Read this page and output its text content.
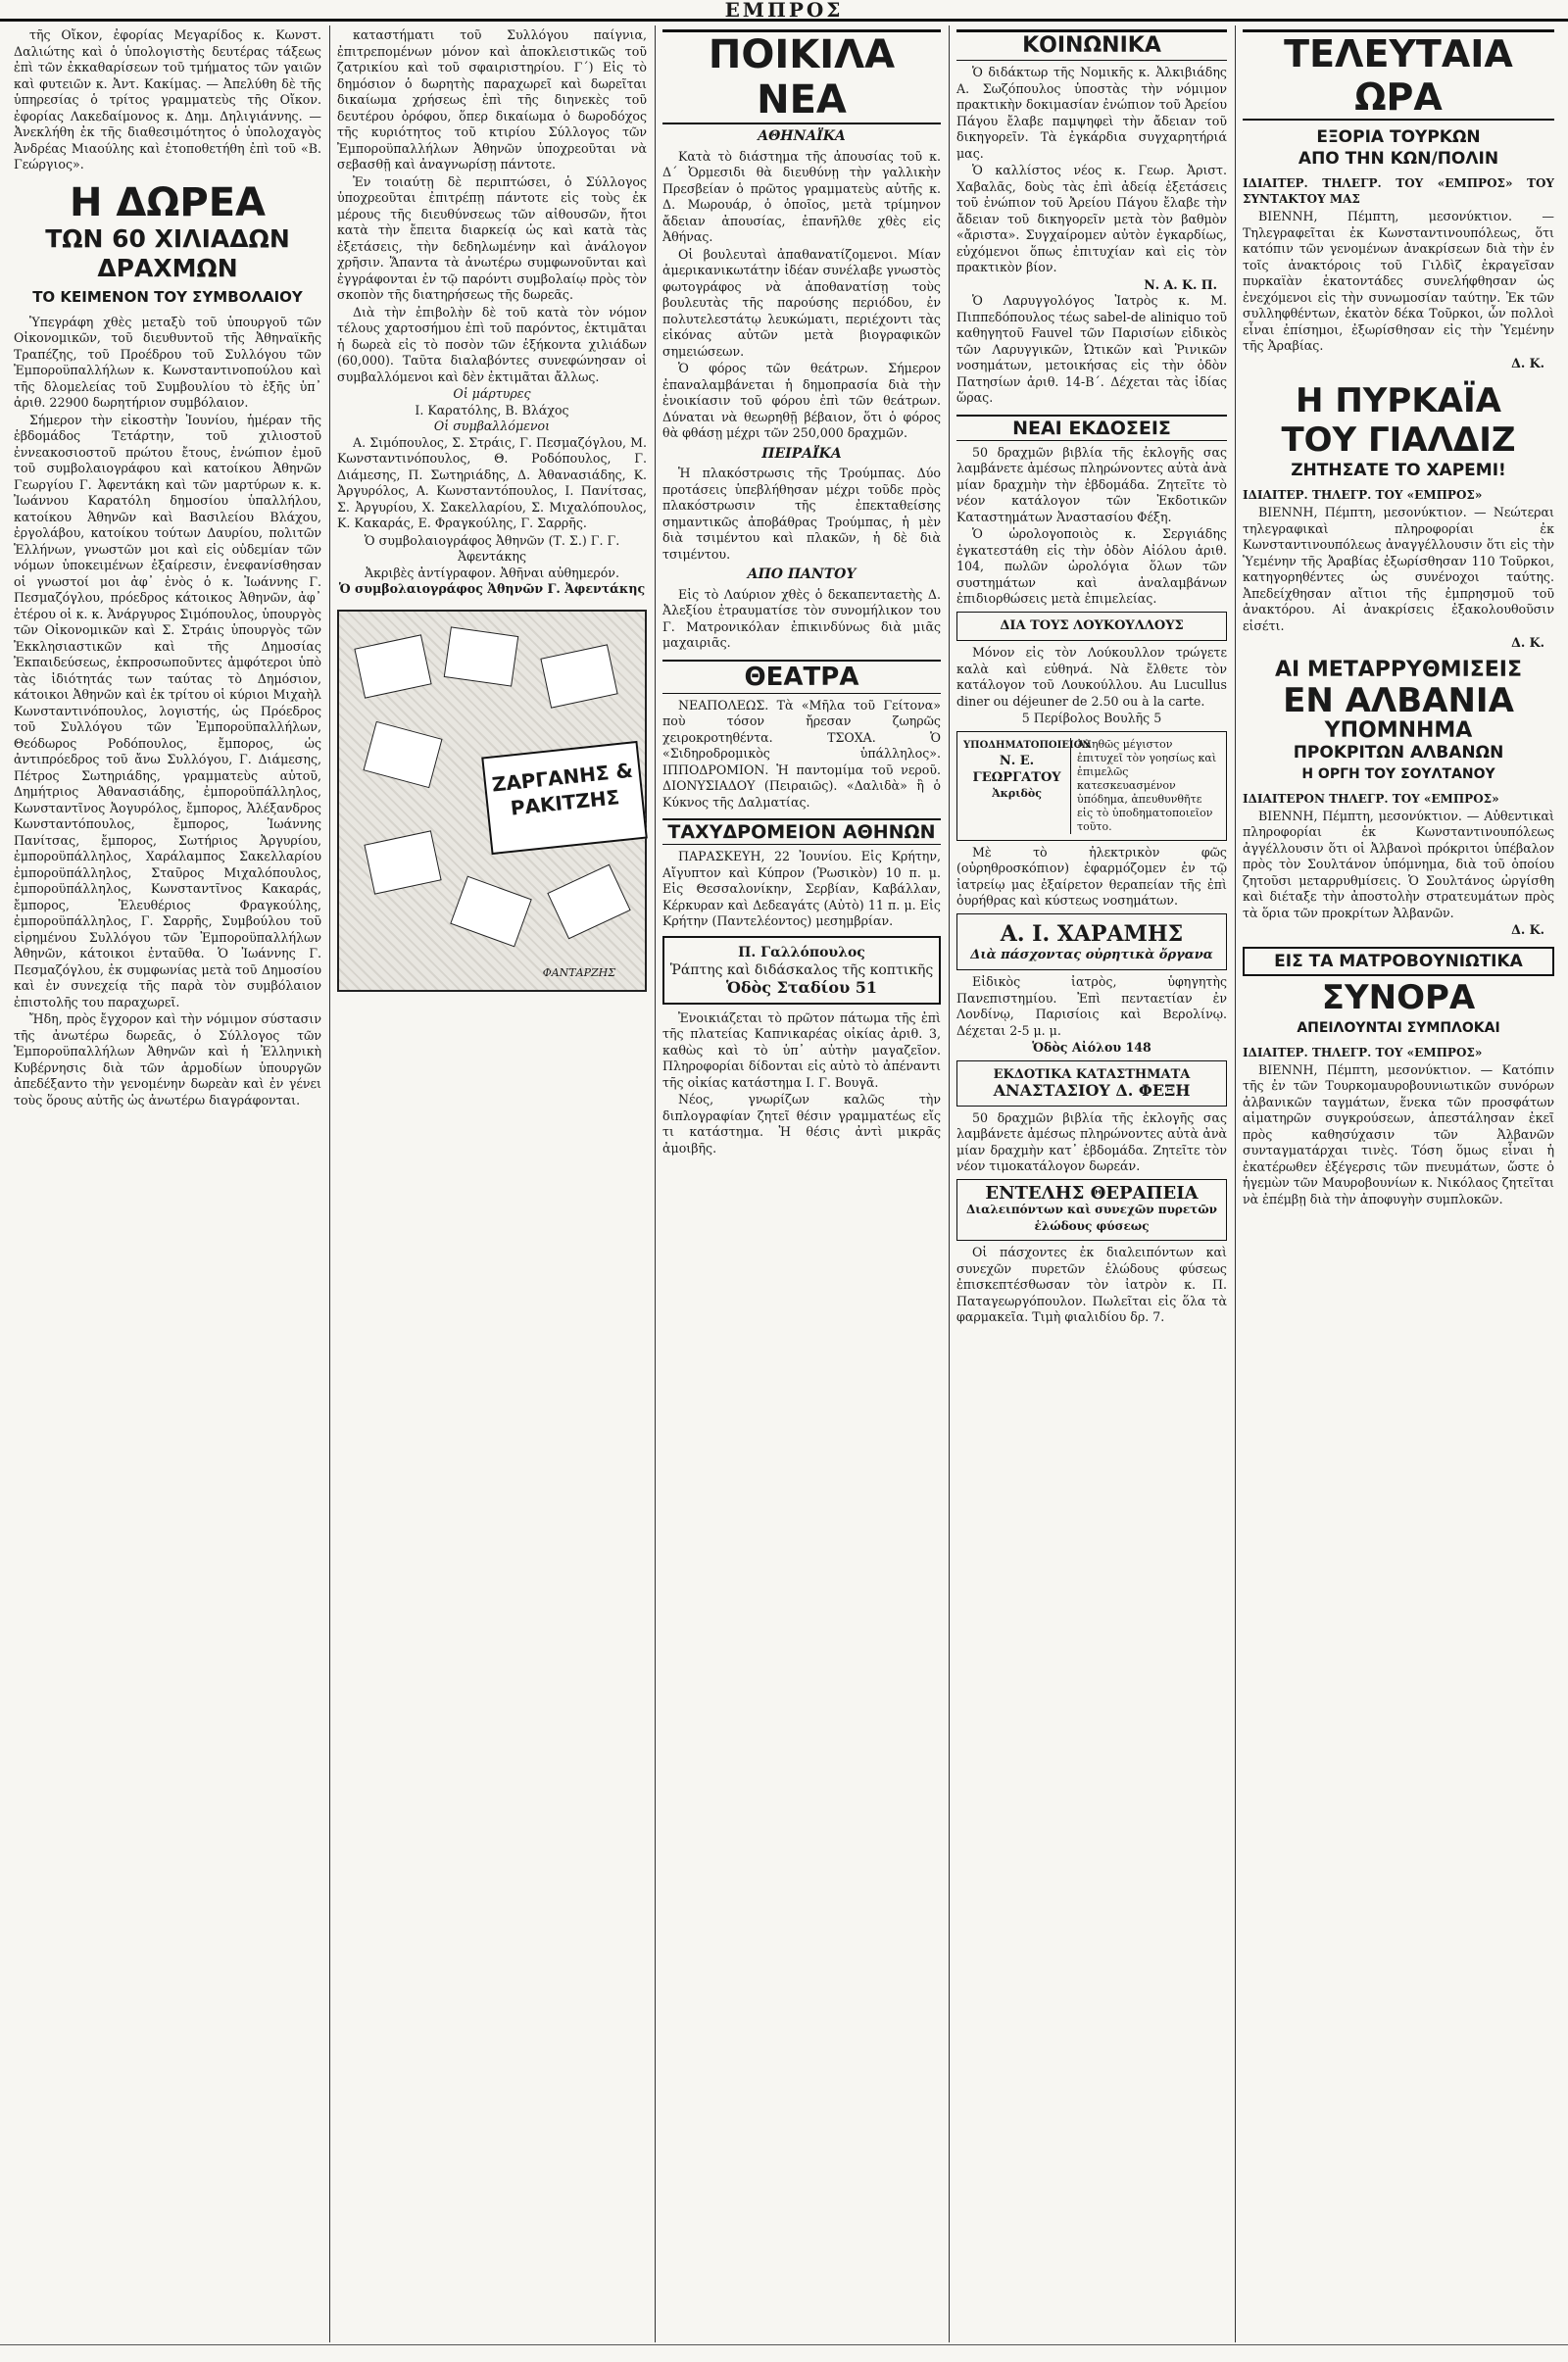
ΕΜΠΡΟΣ

τῆς Οἴκον, ἐφορίας Μεγαρίδος κ. Κωνστ. Δαλιώτης καὶ ὁ ὑπολογιστὴς δευτέρας τάξεως ἐπὶ τῶν ἐκκαθαρίσεων τοῦ τμήματος τῶν γαιῶν καὶ φυτειῶν κ. Ἀντ. Κακίμας. — Ἀπελύθη δὲ τῆς ὑπηρεσίας ὁ τρίτος γραμματεὺς τῆς Οἴκον. ἐφορίας Λακεδαίμονος κ. Δημ. Δηλιγιάννης. — Ἀνεκλήθη ἐκ τῆς διαθεσιμότητος ὁ ὑπολοχαγὸς Ἀνδρέας Μιαούλης καὶ ἐτοποθετήθη ἐπὶ τοῦ «Β. Γεώργιος».

Η ΔΩΡΕΑ
ΤΩΝ 60 ΧΙΛΙΑΔΩΝ ΔΡΑΧΜΩΝ
ΤΟ ΚΕΙΜΕΝΟΝ ΤΟΥ ΣΥΜΒΟΛΑΙΟΥ

Ὑπεγράφη χθὲς μεταξὺ τοῦ ὑπουργοῦ τῶν Οἰκονομικῶν, τοῦ διευθυντοῦ τῆς Ἀθηναϊκῆς Τραπέζης, τοῦ Προέδρου τοῦ Συλλόγου τῶν Ἐμποροϋπαλλήλων κ. Κωνσταντινοπούλου καὶ τῆς δλομελείας τοῦ Συμβουλίου τὸ ἐξῆς ὑπ᾽ ἀριθ. 22900 δωρητήριον συμβόλαιον.

Σήμερον τὴν εἰκοστὴν Ἰουνίου, ἡμέραν τῆς ἑβδομάδος Τετάρτην, τοῦ χιλιοστοῦ ἐννεακοσιοστοῦ πρώτου ἔτους, ἐνώπιον ἐμοῦ τοῦ συμβολαιογράφου καὶ κατοίκου Ἀθηνῶν Γεωργίου Γ. Ἀφεντάκη καὶ τῶν μαρτύρων κ. κ. Ἰωάννου Καρατόλη δημοσίου ὑπαλλήλου, κατοίκου Ἀθηνῶν καὶ Βασιλείου Βλάχου, ἐργολάβου, κατοίκου τούτων Δαυρίου, πολιτῶν Ἑλλήνων, γνωστῶν μοι καὶ εἰς οὐδεμίαν τῶν νόμων ὑποκειμένων ἐξαίρεσιν, ἐνεφανίσθησαν οἱ γνωστοί μοι ἀφ᾽ ἑνὸς ὁ κ. Ἰωάννης Γ. Πεσμαζόγλου, πρόεδρος κάτοικος Ἀθηνῶν, ἀφ᾽ ἑτέρου οἱ κ. κ. Ἀνάργυρος Σιμόπουλος, ὑπουργὸς τῶν Οἰκονομικῶν καὶ Σ. Στράις ὑπουργὸς τῶν Ἐκκλησιαστικῶν καὶ τῆς Δημοσίας Ἐκπαιδεύσεως, ἐκπροσωποῦντες ἀμφότεροι ὑπὸ τὰς ἰδιότητάς των ταύτας τὸ Δημόσιον, κάτοικοι Ἀθηνῶν καὶ ἐκ τρίτου οἱ κύριοι Μιχαὴλ Κωνσταντινόπουλος, λογιστής, ὡς Πρόεδρος τοῦ Συλλόγου τῶν Ἐμποροϋπαλλήλων, Θεόδωρος Ροδόπουλος, ἔμπορος, ὡς ἀντιπρόεδρος τοῦ ἄνω Συλλόγου, Γ. Διάμεσης, Πέτρος Σωτηριάδης, γραμματεὺς αὐτοῦ, Δημήτριος Ἀθανασιάδης, ἐμποροϋπάλληλος, Κωνσταντῖνος Ἀογυρόλος, ἔμπορος, Ἀλέξανδρος Κωνσταντόπουλος, ἔμπορος, Ἰωάννης Πανίτσας, ἔμπορος, Σωτήριος Ἀργυρίου, ἐμποροϋπάλληλος, Χαράλαμπος Σακελλαρίου ἐμποροϋπάλληλος, Σταῦρος Μιχαλόπουλος, ἐμποροϋπάλληλος, Κωνσταντῖνος Κακαράς, ἔμπορος, Ἐλευθέριος Φραγκούλης, ἐμποροϋπάλληλος, Γ. Σαρρῆς, Συμβούλου τοῦ εἰρημένου Συλλόγου τῶν Ἐμποροϋπαλλήλων Ἀθηνῶν, κάτοικοι ἐνταῦθα. Ὁ Ἰωάννης Γ. Πεσμαζόγλου, ἐκ συμφωνίας μετὰ τοῦ Δημοσίου καὶ ἐν συνεχείᾳ τῆς παρὰ τὸν συμβόλαιον ἐπιστολῆς του παραχωρεῖ.

Ἤδη, πρὸς ἔγχορον καὶ τὴν νόμιμον σύστασιν τῆς ἀνωτέρω δωρεᾶς, ὁ Σύλλογος τῶν Ἐμποροϋπαλλήλων Ἀθηνῶν καὶ ἡ Ἑλληνικὴ Κυβέρνησις διὰ τῶν ἀρμοδίων ὑπουργῶν ἀπεδέξαντο τὴν γενομένην δωρεὰν καὶ ἐν γένει τοὺς ὅρους αὐτῆς ὡς ἀνωτέρω διαγράφονται.

καταστήματι τοῦ Συλλόγου παίγνια, ἐπιτρεπομένων μόνον καὶ ἀποκλειστικῶς τοῦ ζατρικίου καὶ τοῦ σφαιριστηρίου. Γ΄) Εἰς τὸ δημόσιον ὁ δωρητὴς παραχωρεῖ καὶ δωρεῖται δικαίωμα χρήσεως ἐπὶ τῆς διηνεκὲς τοῦ δευτέρου ὀρόφου, ὅπερ δικαίωμα ὁ δωροδόχος τῆς κυριότητος τοῦ κτιρίου Σύλλογος τῶν Ἐμποροϋπαλλήλων Ἀθηνῶν ὑποχρεοῦται νὰ σεβασθῇ καὶ ἀναγνωρίσῃ πάντοτε.

Ἐν τοιαύτῃ δὲ περιπτώσει, ὁ Σύλλογος ὑποχρεοῦται ἐπιτρέπῃ πάντοτε εἰς τοὺς ἐκ μέρους τῆς διευθύνσεως τῶν αἰθουσῶν, ἤτοι κατὰ τὴν ἔπειτα διαρκείᾳ ὡς καὶ κατὰ τὰς ἐξετάσεις, τὴν δεδηλωμένην καὶ ἀνάλογον χρῆσιν. Ἅπαντα τὰ ἀνωτέρω συμφωνοῦνται καὶ ἐγγράφονται ἐν τῷ παρόντι συμβολαίῳ πρὸς τὸν σκοπὸν τῆς διατηρήσεως τῆς δωρεᾶς.

Διὰ τὴν ἐπιβολὴν δὲ τοῦ κατὰ τὸν νόμον τέλους χαρτοσήμου ἐπὶ τοῦ παρόντος, ἐκτιμᾶται ἡ δωρεὰ εἰς τὸ ποσὸν τῶν ἑξήκοντα χιλιάδων (60,000). Ταῦτα διαλαβόντες συνεφώνησαν οἱ συμβαλλόμενοι καὶ δὲν ἐκτιμᾶται ἄλλως.

Οἱ μάρτυρες
Ι. Καρατόλης, Β. Βλάχος
Οἱ συμβαλλόμενοι

Α. Σιμόπουλος, Σ. Στράις, Γ. Πεσμαζόγλου, Μ. Κωνσταντινόπουλος, Θ. Ροδόπουλος, Γ. Διάμεσης, Π. Σωτηριάδης, Δ. Ἀθανασιάδης, Κ. Ἀργυρόλος, Α. Κωνσταντόπουλος, Ι. Πανίτσας, Σ. Ἀργυρίου, Χ. Σακελλαρίου, Σ. Μιχαλόπουλος, Κ. Κακαράς, Ε. Φραγκούλης, Γ. Σαρρῆς.

Ὁ συμβολαιογράφος Ἀθηνῶν (Τ. Σ.) Γ. Γ. Ἀφεντάκης
Ἀκριβὲς ἀντίγραφον. Ἀθῆναι αὐθημερόν.
Ὁ συμβολαιογράφος Ἀθηνῶν Γ. Ἀφεντάκης
ΖΑΡΓΑΝΗΣ & ΡΑΚΙΤΖΗΣ
ΦΑΝΤΑΡΖΗΣ
ΠΟΙΚΙΛΑ ΝΕΑ
ΑΘΗΝΑΪΚΑ

Κατὰ τὸ διάστημα τῆς ἀπουσίας τοῦ κ. Δ΄ Ὀρμεσιδι θὰ διευθύνῃ τὴν γαλλικὴν Πρεσβείαν ὁ πρῶτος γραμματεὺς αὐτῆς κ. Δ. Μωρουάρ, ὁ ὁποῖος, μετὰ τρίμηνον ἄδειαν ἀπουσίας, ἐπανῆλθε χθὲς εἰς Ἀθήνας.

Οἱ βουλευταὶ ἀπαθανατίζομενοι. Μίαν ἀμερικανικωτάτην ἰδέαν συνέλαβε γνωστὸς φωτογράφος νὰ ἀποθανατίσῃ τοὺς βουλευτὰς τῆς παρούσης περιόδου, ἐν πολυτελεστάτῳ λευκώματι, περιέχοντι τὰς εἰκόνας αὐτῶν μετὰ βιογραφικῶν σημειώσεων.

Ὁ φόρος τῶν θεάτρων. Σήμερον ἐπαναλαμβάνεται ἡ δημοπρασία διὰ τὴν ἐνοικίασιν τοῦ φόρου ἐπὶ τῶν θεάτρων. Δύναται νὰ θεωρηθῇ βέβαιον, ὅτι ὁ φόρος θὰ φθάσῃ μέχρι τῶν 250,000 δραχμῶν.

ΠΕΙΡΑΪΚΑ

Ἡ πλακόστρωσις τῆς Τρούμπας. Δύο προτάσεις ὑπεβλήθησαν μέχρι τοῦδε πρὸς πλακόστρωσιν τῆς ἐπεκταθείσης σημαντικῶς ἀποβάθρας Τρούμπας, ἡ μὲν διὰ τσιμέντου καὶ πλακῶν, ἡ δὲ διὰ τσιμέντου.

ΑΠΟ ΠΑΝΤΟΥ

Εἰς τὸ Λαύριον χθὲς ὁ δεκαπενταετὴς Δ. Ἀλεξίου ἐτραυματίσε τὸν συνομήλικον του Γ. Ματρονικόλαν ἐπικινδύνως διὰ μιᾶς μαχαιριᾶς.

ΘΕΑΤΡΑ

ΝΕΑΠΟΛΕΩΣ. Τὰ «Μῆλα τοῦ Γείτονα» ποὺ τόσον ἤρεσαν ζωηρῶς χειροκροτηθέντα. ΤΣΟΧΑ. Ὁ «Σιδηροδρομικὸς ὑπάλληλος». ΙΠΠΟΔΡΟΜΙΟΝ. Ἡ παντομίμα τοῦ νεροῦ. ΔΙΟΝΥΣΙΑΔΟΥ (Πειραιῶς). «Δαλιδὰ» ἢ ὁ Κύκνος τῆς Δαλματίας.

ΤΑΧΥΔΡΟΜΕΙΟΝ ΑΘΗΝΩΝ

ΠΑΡΑΣΚΕΥΗ, 22 Ἰουνίου. Εἰς Κρήτην, Αἴγυπτον καὶ Κύπρον (Ῥωσικὸν) 10 π. μ. Εἰς Θεσσαλονίκην, Σερβίαν, Καβάλλαν, Κέρκυραν καὶ Δεδεαγάτς (Αὐτὸ) 11 π. μ. Εἰς Κρήτην (Παντελέοντος) μεσημβρίαν.

Π. Γαλλόπουλος
Ῥάπτης καὶ διδάσκαλος τῆς κοπτικῆς
Ὁδὸς Σταδίου 51

Ἐνοικιάζεται τὸ πρῶτον πάτωμα τῆς ἐπὶ τῆς πλατείας Καπνικαρέας οἰκίας ἀριθ. 3, καθὼς καὶ τὸ ὑπ᾽ αὐτὴν μαγαζεῖον. Πληροφορίαι δίδονται εἰς αὐτὸ τὸ ἀπέναντι τῆς οἰκίας κατάστημα Ι. Γ. Βουγᾶ.

Νέος, γνωρίζων καλῶς τὴν διπλογραφίαν ζητεῖ θέσιν γραμματέως εἴς τι κατάστημα. Ἡ θέσις ἀντὶ μικρᾶς ἀμοιβῆς.

ΚΟΙΝΩΝΙΚΑ

Ὁ διδάκτωρ τῆς Νομικῆς κ. Ἀλκιβιάδης Α. Σωζόπουλος ὑποστὰς τὴν νόμιμον πρακτικὴν δοκιμασίαν ἐνώπιον τοῦ Ἀρείου Πάγου ἔλαβε παμψηφεὶ τὴν ἄδειαν τοῦ δικηγορεῖν. Τὰ ἐγκάρδια συγχαρητήριά μας.

Ὁ καλλίστος νέος κ. Γεωρ. Ἀριστ. Χαβαλᾶς, δοὺς τὰς ἐπὶ ἀδείᾳ ἐξετάσεις τοῦ ἐνώπιον τοῦ Ἀρείου Πάγου ἔλαβε τὴν ἄδειαν τοῦ δικηγορεῖν μετὰ τὸν βαθμὸν «ἄριστα». Συγχαίρομεν αὐτὸν ἐγκαρδίως, εὐχόμενοι ὅπως ἐπιτυχίαν καὶ εἰς τὸν πρακτικὸν βίον.

Ν. Α. Κ. Π.

Ὁ Λαρυγγολόγος Ἰατρὸς κ. Μ. Πιππεδόπουλος τέως sabel-de aliniquo τοῦ καθηγητοῦ Fauvel τῶν Παρισίων εἰδικὸς τῶν Λαρυγγικῶν, Ὠτικῶν καὶ Ῥινικῶν νοσημάτων, μετοικήσας εἰς τὴν ὁδὸν Πατησίων ἀριθ. 14-Β΄. Δέχεται τὰς ἰδίας ὥρας.

ΝΕΑΙ ΕΚΔΟΣΕΙΣ

50 δραχμῶν βιβλία τῆς ἐκλογῆς σας λαμβάνετε ἀμέσως πληρώνοντες αὐτὰ ἀνὰ μίαν δραχμὴν τὴν ἑβδομάδα. Ζητεῖτε τὸ νέον κατάλογον τῶν Ἐκδοτικῶν Καταστημάτων Ἀναστασίου Φέξη.

Ὁ ὡρολογοποιὸς κ. Σεργιάδης ἐγκατεστάθη εἰς τὴν ὁδὸν Αἰόλου ἀριθ. 104, πωλῶν ὡρολόγια ὅλων τῶν συστημάτων καὶ ἀναλαμβάνων ἐπιδιορθώσεις μετὰ ἐπιμελείας.

ΔΙΑ ΤΟΥΣ ΛΟΥΚΟΥΛΛΟΥΣ

Μόνον εἰς τὸν Λούκουλλον τρώγετε καλὰ καὶ εὐθηνά. Νὰ ἔλθετε τὸν κατάλογον τοῦ Λουκούλλου. Au Lucullus diner ou déjeuner de 2.50 ou à la carte.

5 Περίβολος Βουλῆς 5
ΥΠΟΔΗΜΑΤΟΠΟΙΕΙΟΝ
Ν. Ε. ΓΕΩΡΓΑΤΟΥ
Ἀκριδὸς
Ἀληθῶς μέγιστον ἐπιτυχεῖ τὸν γοησίως καὶ ἐπιμελῶς κατεσκευασμένον ὑπόδημα, ἀπευθυνθῆτε εἰς τὸ ὑποδηματοποιεῖον τοῦτο.

Μὲ τὸ ἠλεκτρικὸν φῶς (οὐρηθροσκόπιον) ἐφαρμόζομεν ἐν τῷ ἰατρείῳ μας ἐξαίρετον θεραπείαν τῆς ἐπὶ ὀυρήθρας καὶ κύστεως νοσημάτων.

Α. Ι. ΧΑΡΑΜΗΣ
Διὰ πάσχοντας οὐρητικὰ ὄργανα

Εἰδικὸς ἰατρὸς, ὑφηγητὴς Πανεπιστημίου. Ἐπὶ πενταετίαν ἐν Λονδίνῳ, Παρισίοις καὶ Βερολίνῳ. Δέχεται 2-5 μ. μ.

Ὁδὸς Αἰόλου 148
ΕΚΔΟΤΙΚΑ ΚΑΤΑΣΤΗΜΑΤΑ
ΑΝΑΣΤΑΣΙΟΥ Δ. ΦΕΞΗ

50 δραχμῶν βιβλία τῆς ἐκλογῆς σας λαμβάνετε ἀμέσως πληρώνοντες αὐτὰ ἀνὰ μίαν δραχμὴν κατ᾽ ἑβδομάδα. Ζητεῖτε τὸν νέον τιμοκατάλογον δωρεάν.

ΕΝΤΕΛΗΣ ΘΕΡΑΠΕΙΑ
Διαλειπόντων καὶ συνεχῶν πυρετῶν ἑλώδους φύσεως

Οἱ πάσχοντες ἐκ διαλειπόντων καὶ συνεχῶν πυρετῶν ἑλώδους φύσεως ἐπισκεπτέσθωσαν τὸν ἰατρὸν κ. Π. Παταγεωργόπουλον. Πωλεῖται εἰς ὅλα τὰ φαρμακεῖα. Τιμὴ φιαλιδίου δρ. 7.

ΤΕΛΕΥΤΑΙΑ ΩΡΑ
ΕΞΟΡΙΑ ΤΟΥΡΚΩΝ
ΑΠΟ ΤΗΝ ΚΩΝ/ΠΟΛΙΝ
ΙΔΙΑΙΤΕΡ. ΤΗΛΕΓΡ. ΤΟΥ «ΕΜΠΡΟΣ» ΤΟΥ ΣΥΝΤΑΚΤΟΥ ΜΑΣ

ΒΙΕΝΝΗ, Πέμπτη, μεσονύκτιον. — Τηλεγραφεῖται ἐκ Κωνσταντινουπόλεως, ὅτι κατόπιν τῶν γενομένων ἀνακρίσεων διὰ τὴν ἐν τοῖς ἀνακτόροις τοῦ Γιλδὶζ ἐκραγεῖσαν πυρκαϊὰν ἑκατοντάδες συνελήφθησαν ὡς ἐνεχόμενοι εἰς τὴν συνωμοσίαν ταύτην. Ἐκ τῶν συλληφθέντων, ἑκατὸν δέκα Τοῦρκοι, ὧν πολλοὶ εἶναι ἐπίσημοι, ἐξωρίσθησαν εἰς τὴν Ὑεμένην τῆς Ἀραβίας.

Δ. Κ.
Η ΠΥΡΚΑΪΑ
ΤΟΥ ΓΙΑΛΔΙΖ
ΖΗΤΗΣΑΤΕ ΤΟ ΧΑΡΕΜΙ!
ΙΔΙΑΙΤΕΡ. ΤΗΛΕΓΡ. ΤΟΥ «ΕΜΠΡΟΣ»

ΒΙΕΝΝΗ, Πέμπτη, μεσονύκτιον. — Νεώτεραι τηλεγραφικαὶ πληροφορίαι ἐκ Κωνσταντινουπόλεως ἀναγγέλλουσιν ὅτι εἰς τὴν Ὑεμένην τῆς Ἀραβίας ἐξωρίσθησαν 110 Τοῦρκοι, κατηγορηθέντες ὡς συνένοχοι ταύτης. Ἀπεδείχθησαν αἴτιοι τῆς ἐμπρησμοῦ τοῦ ἀνακτόρου. Αἱ ἀνακρίσεις ἐξακολουθοῦσιν εἰσέτι.

Δ. Κ.
ΑΙ ΜΕΤΑΡΡΥΘΜΙΣΕΙΣ
ΕΝ ΑΛΒΑΝΙΑ
ΥΠΟΜΝΗΜΑ
ΠΡΟΚΡΙΤΩΝ ΑΛΒΑΝΩΝ
Η ΟΡΓΗ ΤΟΥ ΣΟΥΛΤΑΝΟΥ
ΙΔΙΑΙΤΕΡΟΝ ΤΗΛΕΓΡ. ΤΟΥ «ΕΜΠΡΟΣ»

ΒΙΕΝΝΗ, Πέμπτη, μεσονύκτιον. — Αὐθεντικαὶ πληροφορίαι ἐκ Κωνσταντινουπόλεως ἀγγέλλουσιν ὅτι οἱ Ἀλβανοὶ πρόκριτοι ὑπέβαλον πρὸς τὸν Σουλτάνον ὑπόμνημα, διὰ τοῦ ὁποίου ζητοῦσι μεταρρυθμίσεις. Ὁ Σουλτάνος ὠργίσθη καὶ διέταξε τὴν ἀποστολὴν στρατευμάτων πρὸς τὰ ὅρια τῶν προκρίτων Ἀλβανῶν.

Δ. Κ.
ΕΙΣ ΤΑ ΜΑΤΡΟΒΟΥΝΙΩΤΙΚΑ
ΣΥΝΟΡΑ
ΑΠΕΙΛΟΥΝΤΑΙ ΣΥΜΠΛΟΚΑΙ
ΙΔΙΑΙΤΕΡ. ΤΗΛΕΓΡ. ΤΟΥ «ΕΜΠΡΟΣ»

ΒΙΕΝΝΗ, Πέμπτη, μεσονύκτιον. — Κατόπιν τῆς ἐν τῶν Τουρκομαυροβουνιωτικῶν συνόρων ἀλβανικῶν ταγμάτων, ἕνεκα τῶν προσφάτων αἱματηρῶν συγκρούσεων, ἀπεστάλησαν ἐκεῖ πρὸς καθησύχασιν τῶν Ἀλβανῶν συνταγματάρχαι τινὲς. Τόση ὅμως εἶναι ἡ ἐκατέρωθεν ἐξέγερσις τῶν πνευμάτων, ὥστε ὁ ἡγεμὼν τῶν Μαυροβουνίων κ. Νικόλαος ζητεῖται νὰ ἐπέμβῃ διὰ τὴν ἀποφυγὴν συμπλοκῶν.
